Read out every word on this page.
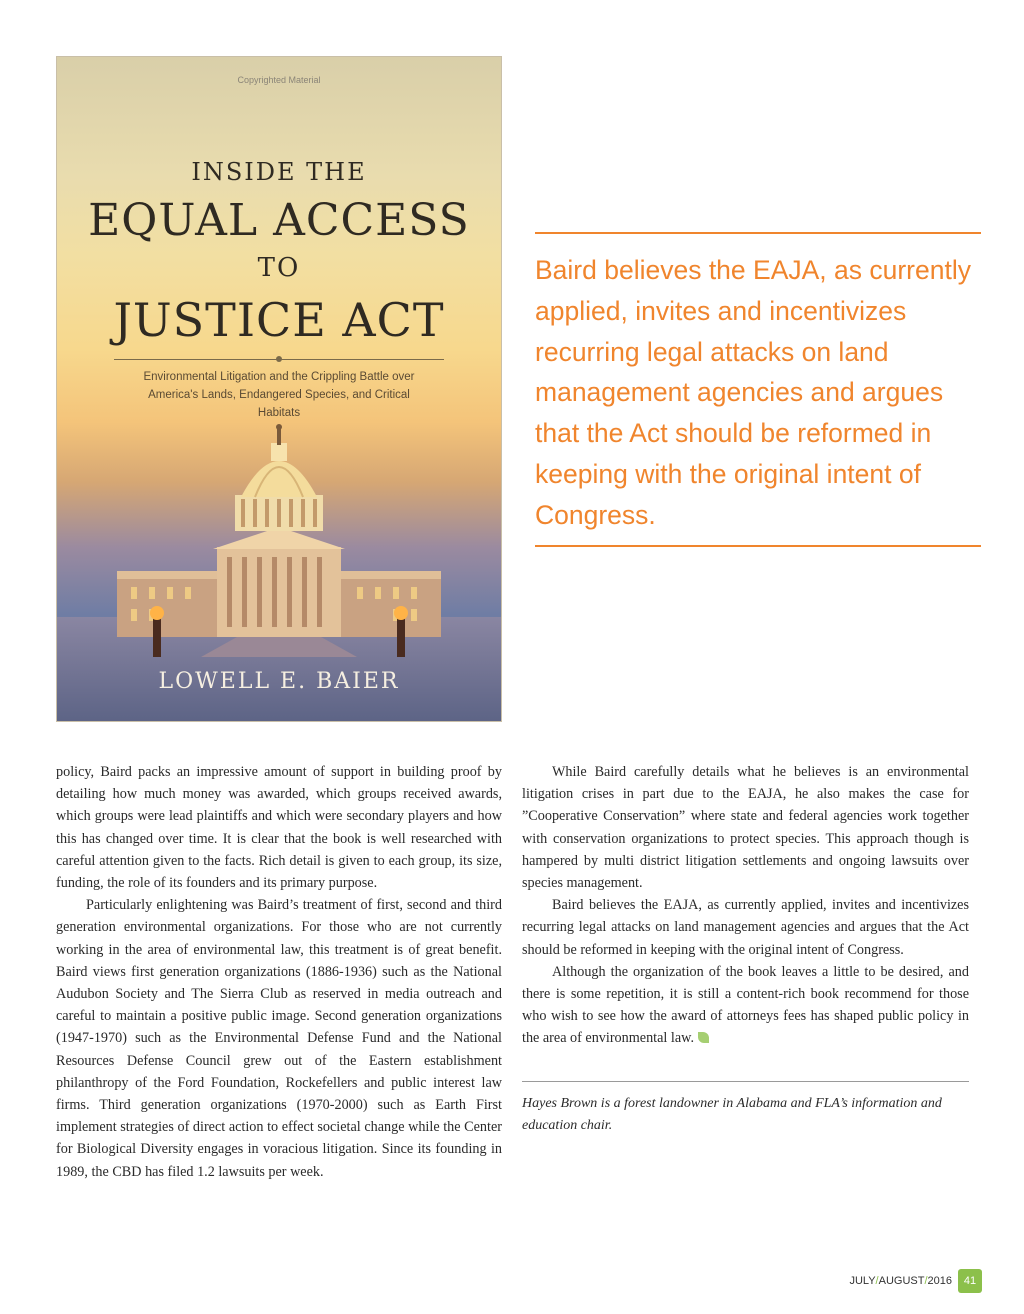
Copyrighted Material
INSIDE THE
EQUAL ACCESS
TO
JUSTICE ACT
Environmental Litigation and the Crippling Battle over America's Lands, Endangered Species, and Critical Habitats
LOWELL E. BAIER
Baird believes the EAJA, as currently applied, invites and incentivizes recurring legal attacks on land management agencies and argues that the Act should be reformed in keeping with the original intent of Congress.

policy, Baird packs an impressive amount of support in building proof by detailing how much money was awarded, which groups received awards, which groups were lead plaintiffs and which were secondary players and how this has changed over time. It is clear that the book is well researched with careful attention given to the facts. Rich detail is given to each group, its size, funding, the role of its founders and its primary purpose.

Particularly enlightening was Baird’s treatment of first, second and third generation environmental organizations. For those who are not currently working in the area of environmental law, this treatment is of great benefit. Baird views first generation organizations (1886-1936) such as the National Audubon Society and The Sierra Club as reserved in media outreach and careful to maintain a positive public image. Second generation organizations (1947-1970) such as the Environmental Defense Fund and the National Resources Defense Council grew out of the Eastern establishment philanthropy of the Ford Foundation, Rockefellers and public interest law firms. Third generation organizations (1970-2000) such as Earth First implement strategies of direct action to effect societal change while the Center for Biological Diversity engages in voracious litigation. Since its founding in 1989, the CBD has filed 1.2 lawsuits per week.

While Baird carefully details what he believes is an environmental litigation crises in part due to the EAJA, he also makes the case for ”Cooperative Conservation” where state and federal agencies work together with conservation organizations to protect species. This approach though is hampered by multi district litigation settlements and ongoing lawsuits over species management.

Baird believes the EAJA, as currently applied, invites and incentivizes recurring legal attacks on land management agencies and argues that the Act should be reformed in keeping with the original intent of Congress.

Although the organization of the book leaves a little to be desired, and there is some repetition, it is still a content-rich book recommend for those who wish to see how the award of attorneys fees has shaped public policy in the area of environmental law.

Hayes Brown is a forest landowner in Alabama and FLA’s information and education chair.
JULY/AUGUST/2016	41
